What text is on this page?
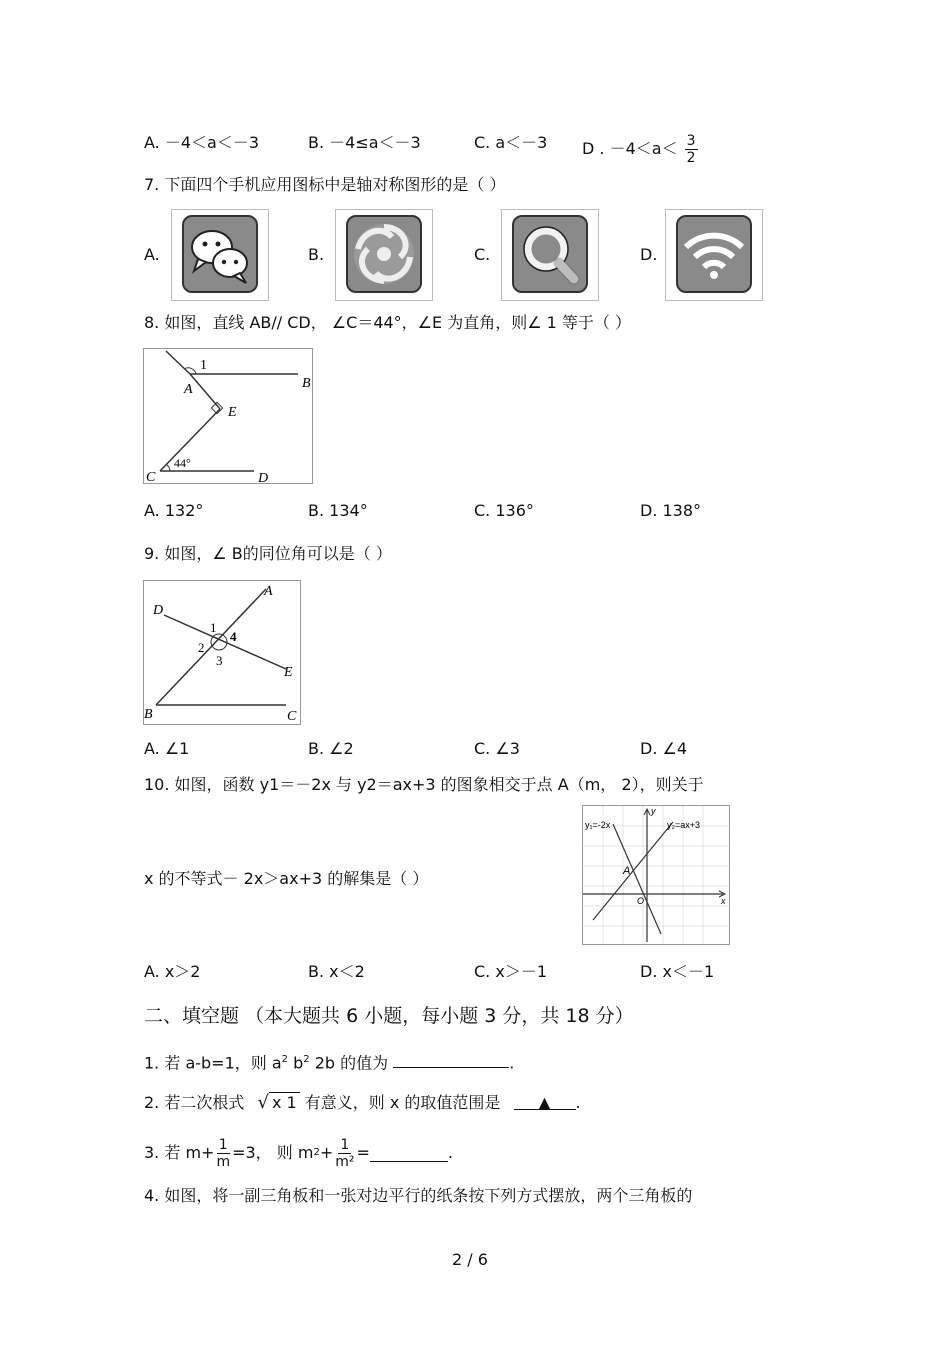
A. －4＜a＜－3	B. －4≤a＜－3	C. a＜－3 D . $-4<a< \frac{3}{2}$
7. 下面四个手机应用图标中是轴对称图形的是（ ）
A.	B.	C.	D.
8. 如图，直线 AB∕∕ CD， ∠C＝44°，∠E 为直角，则∠ 1 等于（ ）
1
A	B
E
C	D
44°
A. 132°	B. 134°	C. 136°	D. 138°
9. 如图，∠ B的同位角可以是（ ）
A
D
E
B	C
1
2
3
4
A. ∠1	B. ∠2	C. ∠3	D. ∠4
10. 如图，函数 y1＝－2x 与 y2＝ax+3 的图象相交于点 A（m， 2），则关于
x 的不等式－ 2x＞ax+3 的解集是（ ）
y₁=-2x	y₂=ax+3
y
x
A
O
A. x＞2	B. x＜2	C. x＞－1	D. x＜－1
二、填空题 （本大题共 6 小题，每小题 3 分，共 18 分）
1. 若 a-b=1，则 $a^2$ $b^2$ 2b 的值为	.
2. 若二次根式 √ x 1 有意义，则 x 的取值范围是 ▲ .
3. 若 $m+ \frac{1}{m} =3$， 则 m $2 + \frac{1}{\text{m²}}$ =	.
4. 如图，将一副三角板和一张对边平行的纸条按下列方式摆放，两个三角板的
2 / 6
